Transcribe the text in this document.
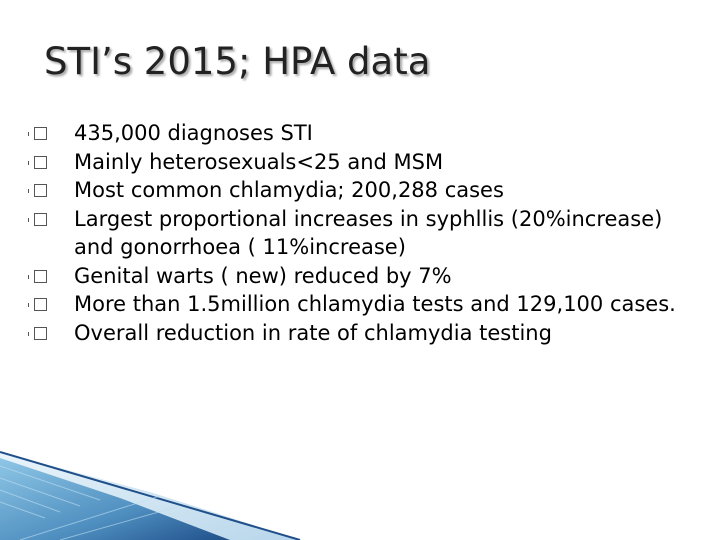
STI’s 2015; HPA data
435,000 diagnoses STI
Mainly heterosexuals<25 and MSM
Most common chlamydia; 200,288 cases
Largest proportional increases in syphllis (20%increase) and gonorrhoea ( 11%increase)
Genital warts ( new) reduced by 7%
More than 1.5million chlamydia tests and 129,100 cases.
Overall reduction in rate of chlamydia testing
